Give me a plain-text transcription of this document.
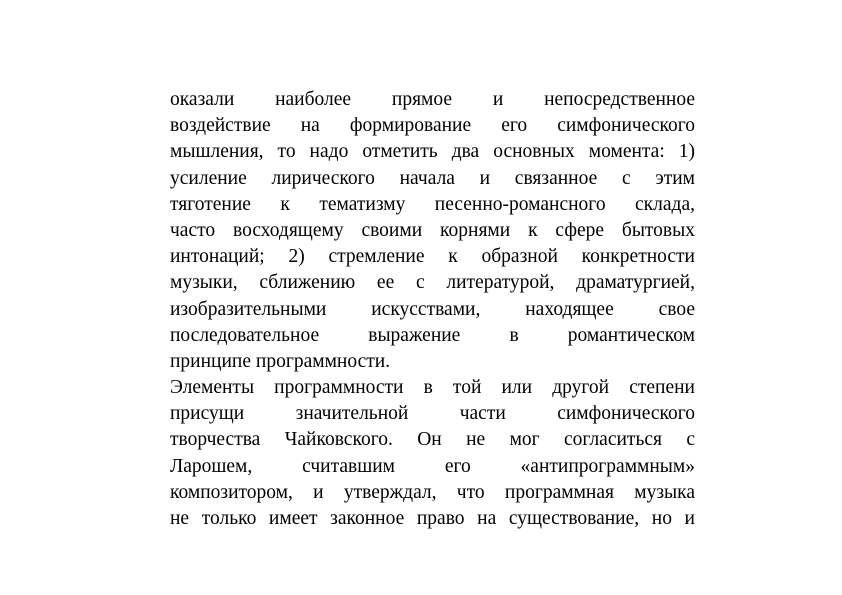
оказали наиболее прямое и непосредственное
воздействие на формирование его симфонического
мышления, то надо отметить два основных момента: 1)
усиление лирического начала и связанное с этим
тяготение к тематизму песенно-романсного склада,
часто восходящему своими корнями к сфере бытовых
интонаций; 2) стремление к образной конкретности
музыки, сближению ее с литературой, драматургией,
изобразительными искусствами, находящее свое
последовательное выражение в романтическом
принципе программности.
Элементы программности в той или другой степени
присущи значительной части симфонического
творчества Чайковского. Он не мог согласиться с
Ларошем, считавшим его «антипрограммным»
композитором, и утверждал, что программная музыка
не только имеет законное право на существование, но и
